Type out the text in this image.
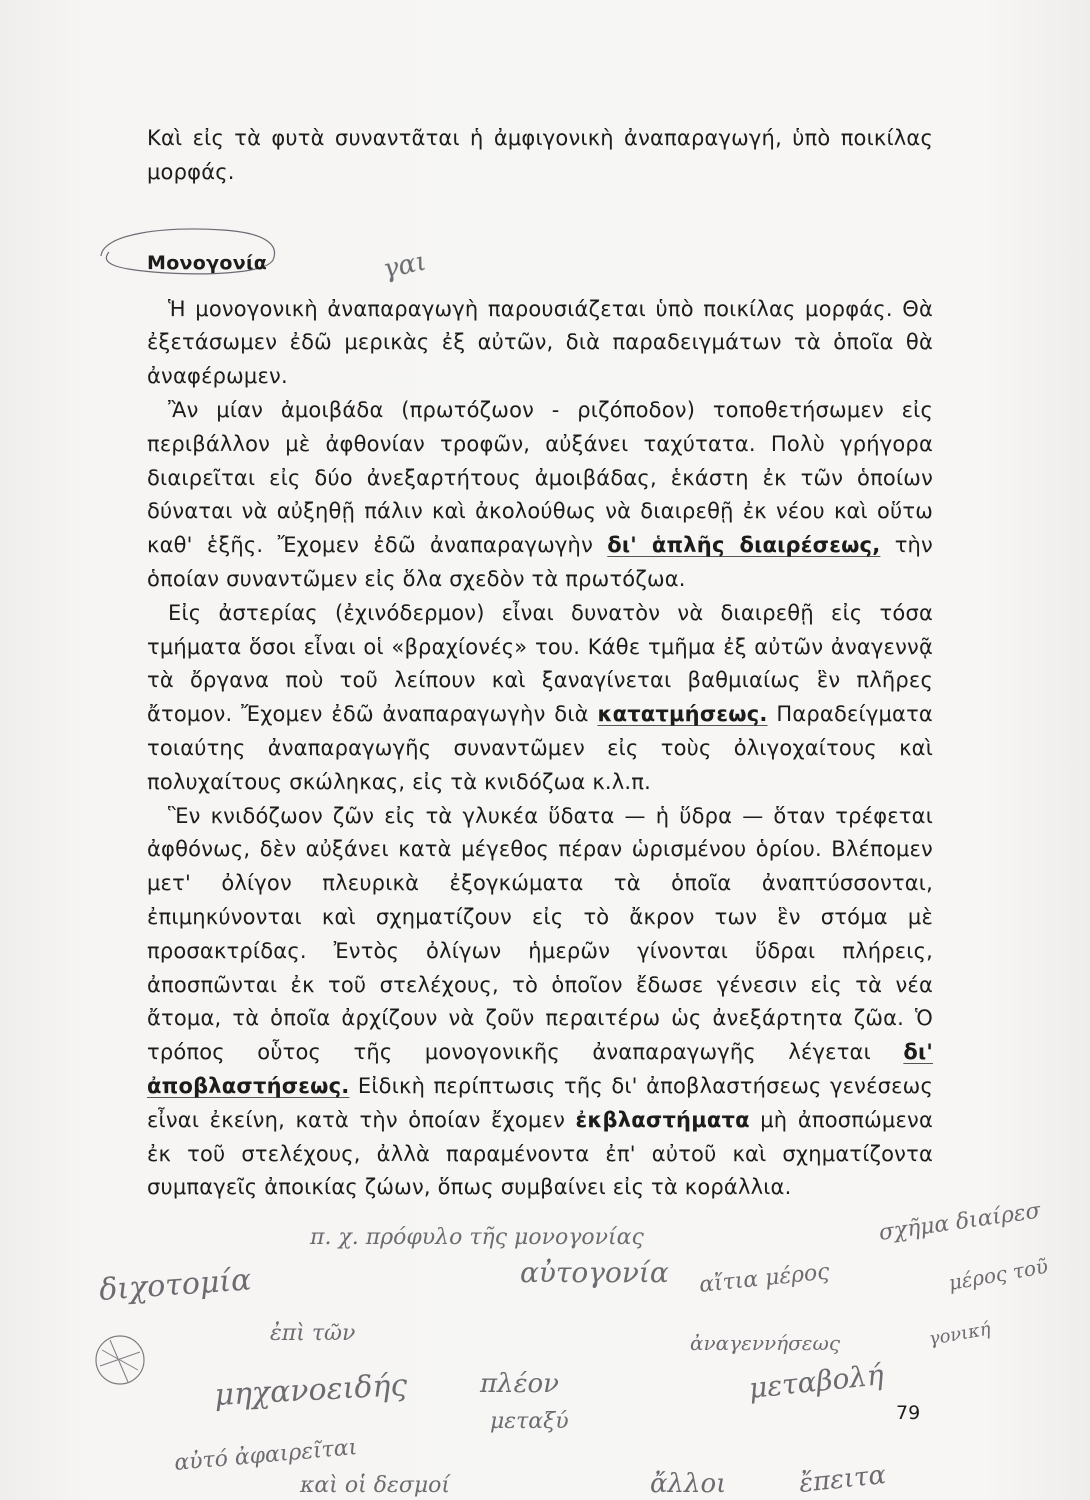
Καὶ εἰς τὰ φυτὰ συναντᾶται ἡ ἀμφιγονικὴ ἀναπαραγωγή, ὑπὸ ποικίλας μορφάς.

Μονογονία

Ἡ μονογονικὴ ἀναπαραγωγὴ παρουσιάζεται ὑπὸ ποικίλας μορφάς. Θὰ ἐξετάσωμεν ἐδῶ μερικὰς ἐξ αὐτῶν, διὰ παραδειγμάτων τὰ ὁποῖα θὰ ἀναφέρωμεν.

Ἂν μίαν ἀμοιβάδα (πρωτόζωον - ριζόποδον) τοποθετήσωμεν εἰς περιβάλλον μὲ ἀφθονίαν τροφῶν, αὐξάνει ταχύτατα. Πολὺ γρήγορα διαιρεῖται εἰς δύο ἀνεξαρτήτους ἀμοιβάδας, ἑκάστη ἐκ τῶν ὁποίων δύναται νὰ αὐξηθῇ πάλιν καὶ ἀκολούθως νὰ διαιρεθῇ ἐκ νέου καὶ οὕτω καθ' ἑξῆς. Ἔχομεν ἐδῶ ἀναπαραγωγὴν δι' ἁπλῆς διαιρέσεως, τὴν ὁποίαν συναντῶμεν εἰς ὅλα σχεδὸν τὰ πρωτόζωα.

Εἰς ἀστερίας (ἐχινόδερμον) εἶναι δυνατὸν νὰ διαιρεθῇ εἰς τόσα τμήματα ὅσοι εἶναι οἱ «βραχίονές» του. Κάθε τμῆμα ἐξ αὐτῶν ἀναγεννᾷ τὰ ὄργανα ποὺ τοῦ λείπουν καὶ ξαναγίνεται βαθμιαίως ἓν πλῆρες ἄτομον. Ἔχομεν ἐδῶ ἀναπαραγωγὴν διὰ κατατμήσεως. Παραδείγματα τοιαύτης ἀναπαραγωγῆς συναντῶμεν εἰς τοὺς ὀλιγοχαίτους καὶ πολυχαίτους σκώληκας, εἰς τὰ κνιδόζωα κ.λ.π.

Ἓν κνιδόζωον ζῶν εἰς τὰ γλυκέα ὕδατα — ἡ ὕδρα — ὅταν τρέφεται ἀφθόνως, δὲν αὐξάνει κατὰ μέγεθος πέραν ὡρισμένου ὁρίου. Βλέπομεν μετ' ὀλίγον πλευρικὰ ἐξογκώματα τὰ ὁποῖα ἀναπτύσσονται, ἐπιμηκύνονται καὶ σχηματίζουν εἰς τὸ ἄκρον των ἓν στόμα μὲ προσακτρίδας. Ἐντὸς ὀλίγων ἡμερῶν γίνονται ὕδραι πλήρεις, ἀποσπῶνται ἐκ τοῦ στελέχους, τὸ ὁποῖον ἔδωσε γένεσιν εἰς τὰ νέα ἄτομα, τὰ ὁποῖα ἀρχίζουν νὰ ζοῦν περαιτέρω ὡς ἀνεξάρτητα ζῶα. Ὁ τρόπος οὗτος τῆς μονογονικῆς ἀναπαραγωγῆς λέγεται δι' ἀποβλαστήσεως. Εἰδικὴ περίπτωσις τῆς δι' ἀποβλαστήσεως γενέσεως εἶναι ἐκείνη, κατὰ τὴν ὁποίαν ἔχομεν ἐκβλαστήματα μὴ ἀποσπώμενα ἐκ τοῦ στελέχους, ἀλλὰ παραμένοντα ἐπ' αὐτοῦ καὶ σχηματίζοντα συμπαγεῖς ἀποικίας ζώων, ὅπως συμβαίνει εἰς τὰ κοράλλια.

79
γαι
π. χ. πρόφυλο τῆς μονογονίας	σχῆμα διαίρεσ
διχοτομία	αὐτογονία αἴτια μέρος	μέρος τοῦ
ἐπὶ τῶν	ἀναγεννήσεως	γονική
μηχανοειδής	πλέον	μεταβολή
αὐτό ἀφαιρεῖται
μεταξύ
καὶ οἱ δεσμοί	ἄλλοι	ἔπειτα
